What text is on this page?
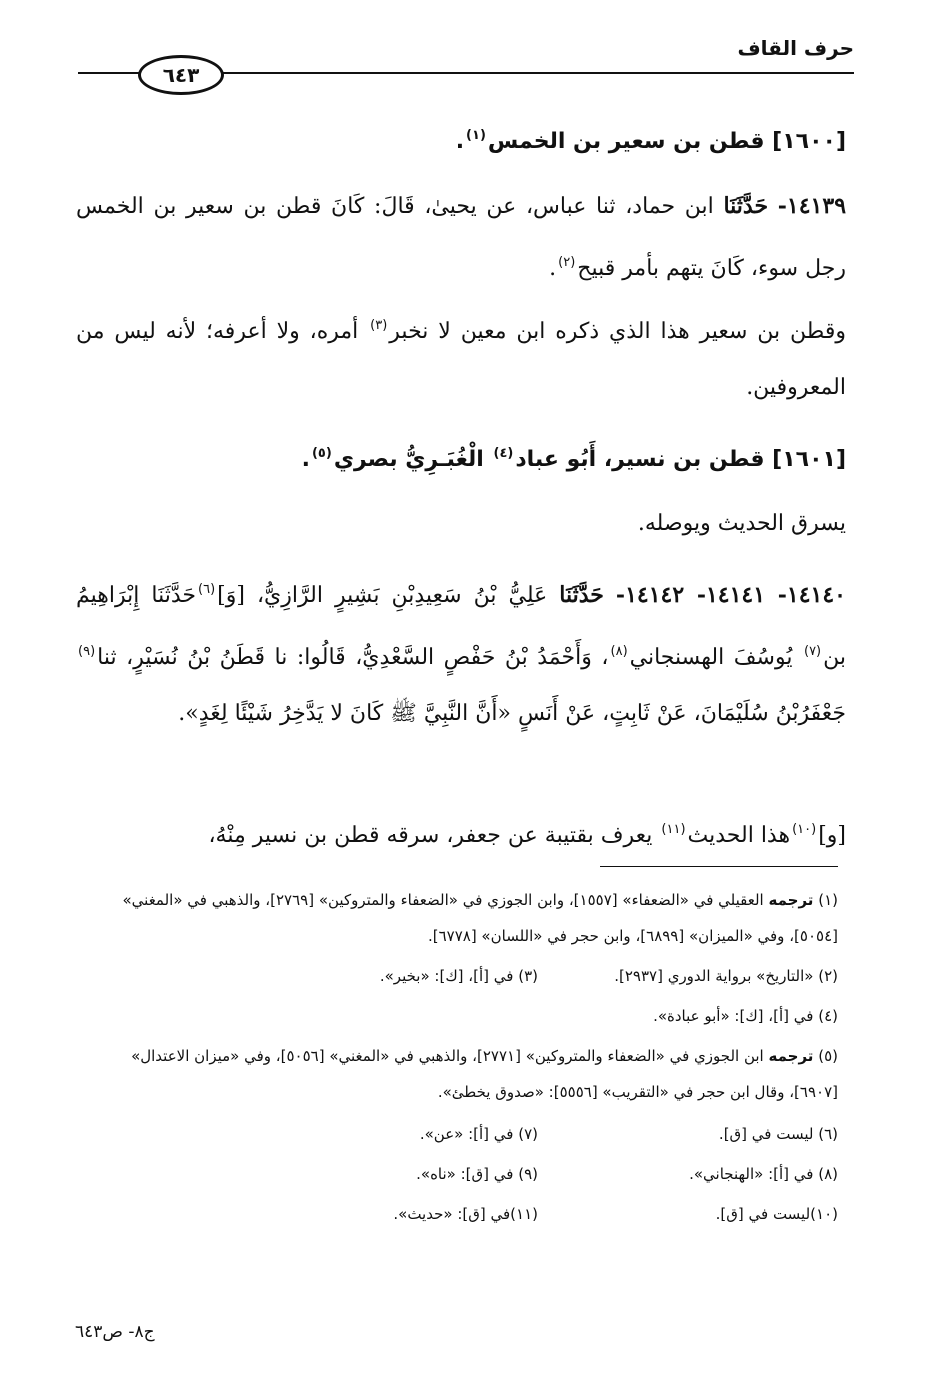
حرف القاف
٦٤٣
[١٦٠٠] قطن بن سعير بن الخمس$^{(١)}$.
١٤١٣٩- حَدَّثَنَا ابن حماد، ثنا عباس، عن يحيىٰ، قَالَ: كَانَ قطن بن سعير بن الخمس رجل سوء، كَانَ يتهم بأمر قبيح$^{(٢)}$.
وقطن بن سعير هذا الذي ذكره ابن معين لا نخبر$^{(٣)}$ أمره، ولا أعرفه؛ لأنه ليس من المعروفين.
[١٦٠١] قطن بن نسير، أَبُو عباد$^{(٤)}$ الْغُبَـرِيُّ بصري$^{(٥)}$.
يسرق الحديث ويوصله.
١٤١٤٠- ١٤١٤١- ١٤١٤٢- حَدَّثَنَا عَلِيُّ بْنُ سَعِيدِبْنِ بَشِيرٍ الرَّازِيُّ، [وَ]$^{(٦)}$حَدَّثَنَا إِبْرَاهِيمُ بن$^{(٧)}$ يُوسُفَ الهسنجاني$^{(٨)}$، وَأَحْمَدُ بْنُ حَفْصٍ السَّعْدِيُّ، قَالُوا: نا قَطَنُ بْنُ نُسَيْرٍ، ثنا$^{(٩)}$ جَعْفَرُبْنُ سُلَيْمَانَ، عَنْ ثَابِتٍ، عَنْ أَنَسٍ «أَنَّ النَّبِيَّ ﷺ كَانَ لا يَدَّخِرُ شَيْئًا لِغَدٍ».
[و]$^{(١٠)}$هذا الحديث$^{(١١)}$ يعرف بقتيبة عن جعفر، سرقه قطن بن نسير مِنْهُ،
(١) ترجمه العقيلي في «الضعفاء» [١٥٥٧]، وابن الجوزي في «الضعفاء والمتروكين» [٢٧٦٩]، والذهبي في «المغني» [٥٠٥٤]، وفي «الميزان» [٦٨٩٩]، وابن حجر في «اللسان» [٦٧٧٨].
(٢) «التاريخ» برواية الدوري [٢٩٣٧].
(٣) في [أ]، [ك]: «بخير».
(٤) في [أ]، [ك]: «أبو عبادة».
(٥) ترجمه ابن الجوزي في «الضعفاء والمتروكين» [٢٧٧١]، والذهبي في «المغني» [٥٠٥٦]، وفي «ميزان الاعتدال» [٦٩٠٧]، وقال ابن حجر في «التقريب» [٥٥٥٦]: «صدوق يخطئ».
(٦) ليست في [ق].
(٧) في [أ]: «عن».
(٨) في [أ]: «الهنجاني».
(٩) في [ق]: «ناه».
(١٠)ليست في [ق].
(١١)في [ق]: «حديث».
ج٨- ص٦٤٣
